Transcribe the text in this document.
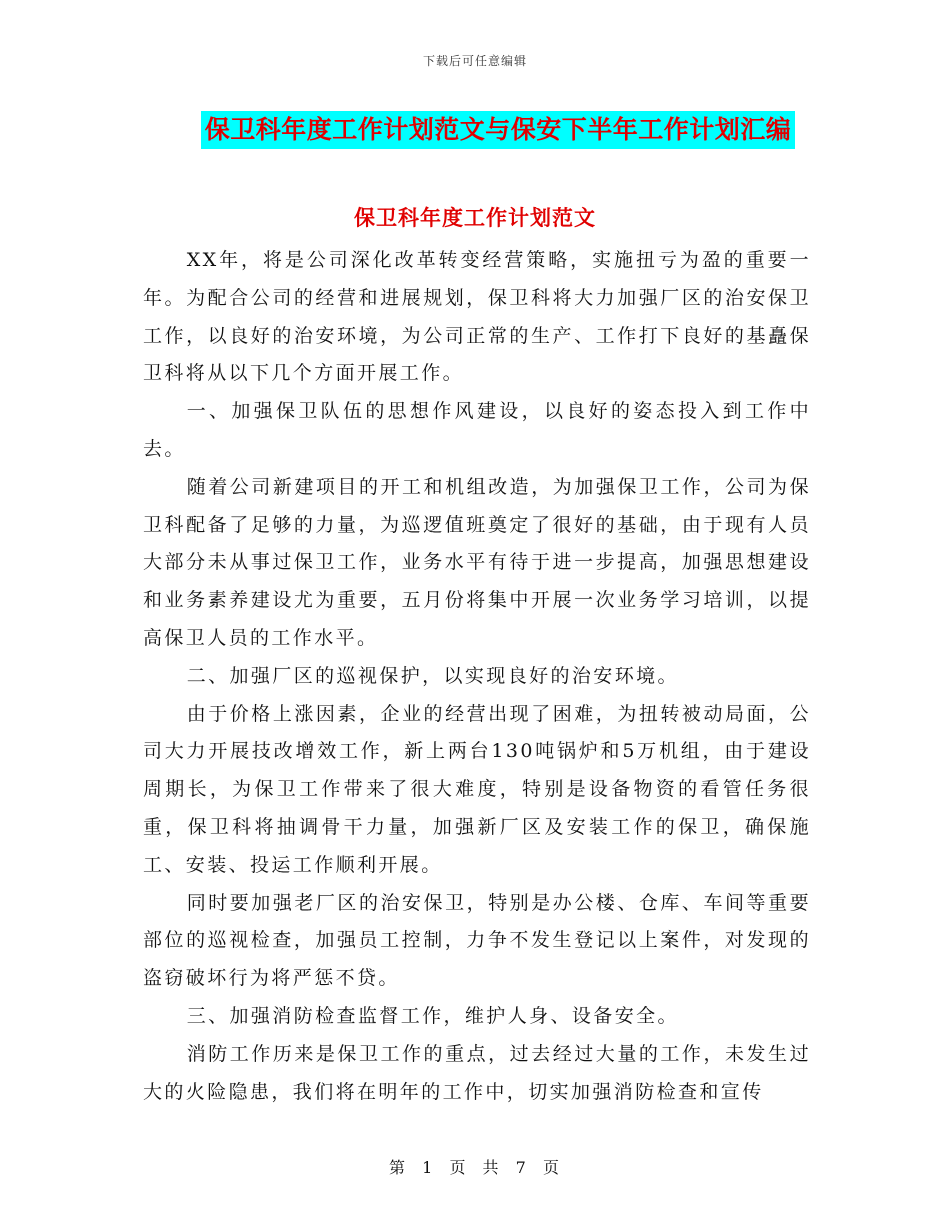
下载后可任意编辑
保卫科年度工作计划范文与保安下半年工作计划汇编
保卫科年度工作计划范文

XX年，将是公司深化改革转变经营策略，实施扭亏为盈的重要一年。为配合公司的经营和进展规划，保卫科将大力加强厂区的治安保卫工作，以良好的治安环境，为公司正常的生产、工作打下良好的基矗保卫科将从以下几个方面开展工作。

一、加强保卫队伍的思想作风建设，以良好的姿态投入到工作中去。

随着公司新建项目的开工和机组改造，为加强保卫工作，公司为保卫科配备了足够的力量，为巡逻值班奠定了很好的基础，由于现有人员大部分未从事过保卫工作，业务水平有待于进一步提高，加强思想建设和业务素养建设尤为重要，五月份将集中开展一次业务学习培训，以提高保卫人员的工作水平。

二、加强厂区的巡视保护，以实现良好的治安环境。

由于价格上涨因素，企业的经营出现了困难，为扭转被动局面，公司大力开展技改增效工作，新上两台130吨锅炉和5万机组，由于建设周期长，为保卫工作带来了很大难度，特别是设备物资的看管任务很重，保卫科将抽调骨干力量，加强新厂区及安装工作的保卫，确保施工、安装、投运工作顺利开展。

同时要加强老厂区的治安保卫，特别是办公楼、仓库、车间等重要部位的巡视检查，加强员工控制，力争不发生登记以上案件，对发现的盗窃破坏行为将严惩不贷。

三、加强消防检查监督工作，维护人身、设备安全。

消防工作历来是保卫工作的重点，过去经过大量的工作，未发生过大的火险隐患，我们将在明年的工作中，切实加强消防检查和宣传

第 1 页 共 7 页
